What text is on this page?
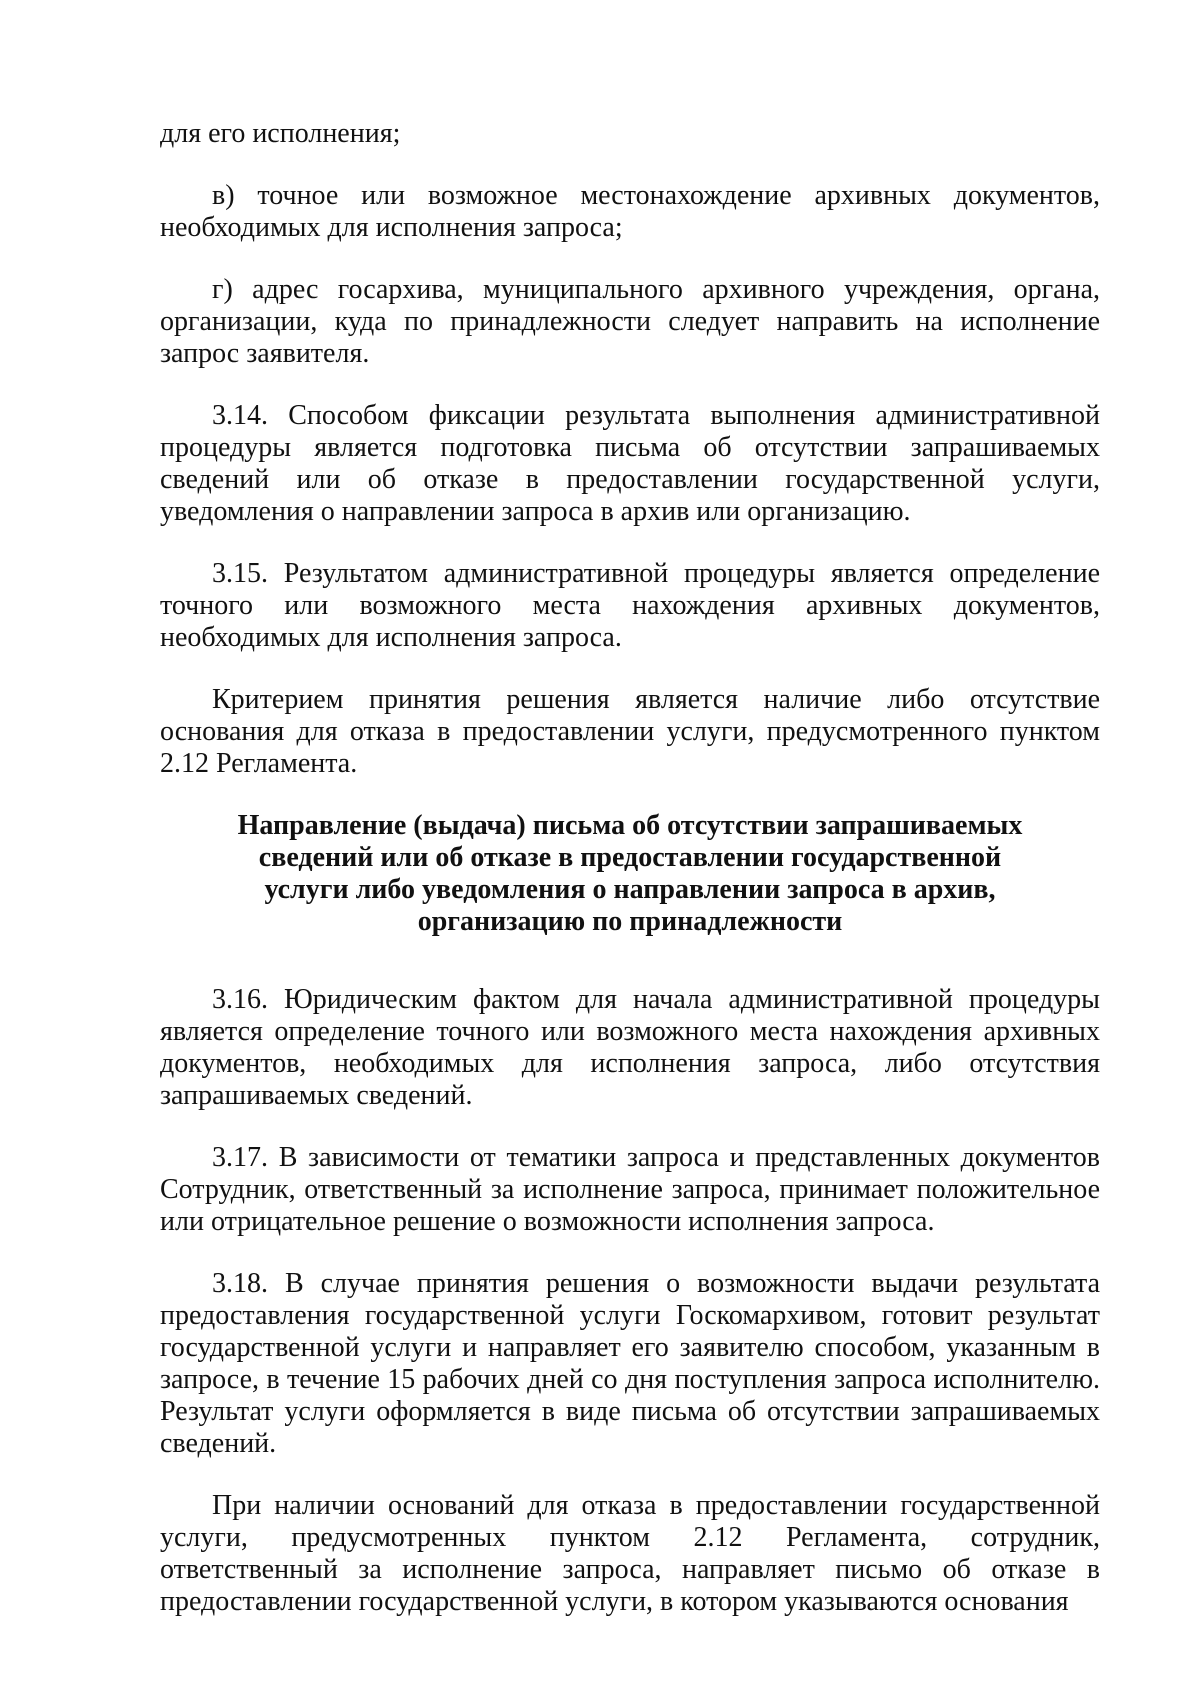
для его исполнения;

в) точное или возможное местонахождение архивных документов, необходимых для исполнения запроса;

г) адрес госархива, муниципального архивного учреждения, органа, организации, куда по принадлежности следует направить на исполнение запрос заявителя.

3.14. Способом фиксации результата выполнения административной процедуры является подготовка письма об отсутствии запрашиваемых сведений или об отказе в предоставлении государственной услуги, уведомления о направлении запроса в архив или организацию.

3.15. Результатом административной процедуры является определение точного или возможного места нахождения архивных документов, необходимых для исполнения запроса.

Критерием принятия решения является наличие либо отсутствие основания для отказа в предоставлении услуги, предусмотренного пунктом 2.12 Регламента.

Направление (выдача) письма об отсутствии запрашиваемых
сведений или об отказе в предоставлении государственной
услуги либо уведомления о направлении запроса в архив,
организацию по принадлежности

3.16. Юридическим фактом для начала административной процедуры является определение точного или возможного места нахождения архивных документов, необходимых для исполнения запроса, либо отсутствия запрашиваемых сведений.

3.17. В зависимости от тематики запроса и представленных документов Сотрудник, ответственный за исполнение запроса, принимает положительное или отрицательное решение о возможности исполнения запроса.

3.18. В случае принятия решения о возможности выдачи результата предоставления государственной услуги Госкомархивом, готовит результат государственной услуги и направляет его заявителю способом, указанным в запросе, в течение 15 рабочих дней со дня поступления запроса исполнителю. Результат услуги оформляется в виде письма об отсутствии запрашиваемых сведений.

При наличии оснований для отказа в предоставлении государственной услуги, предусмотренных пунктом 2.12 Регламента, сотрудник, ответственный за исполнение запроса, направляет письмо об отказе в предоставлении государственной услуги, в котором указываются основания
